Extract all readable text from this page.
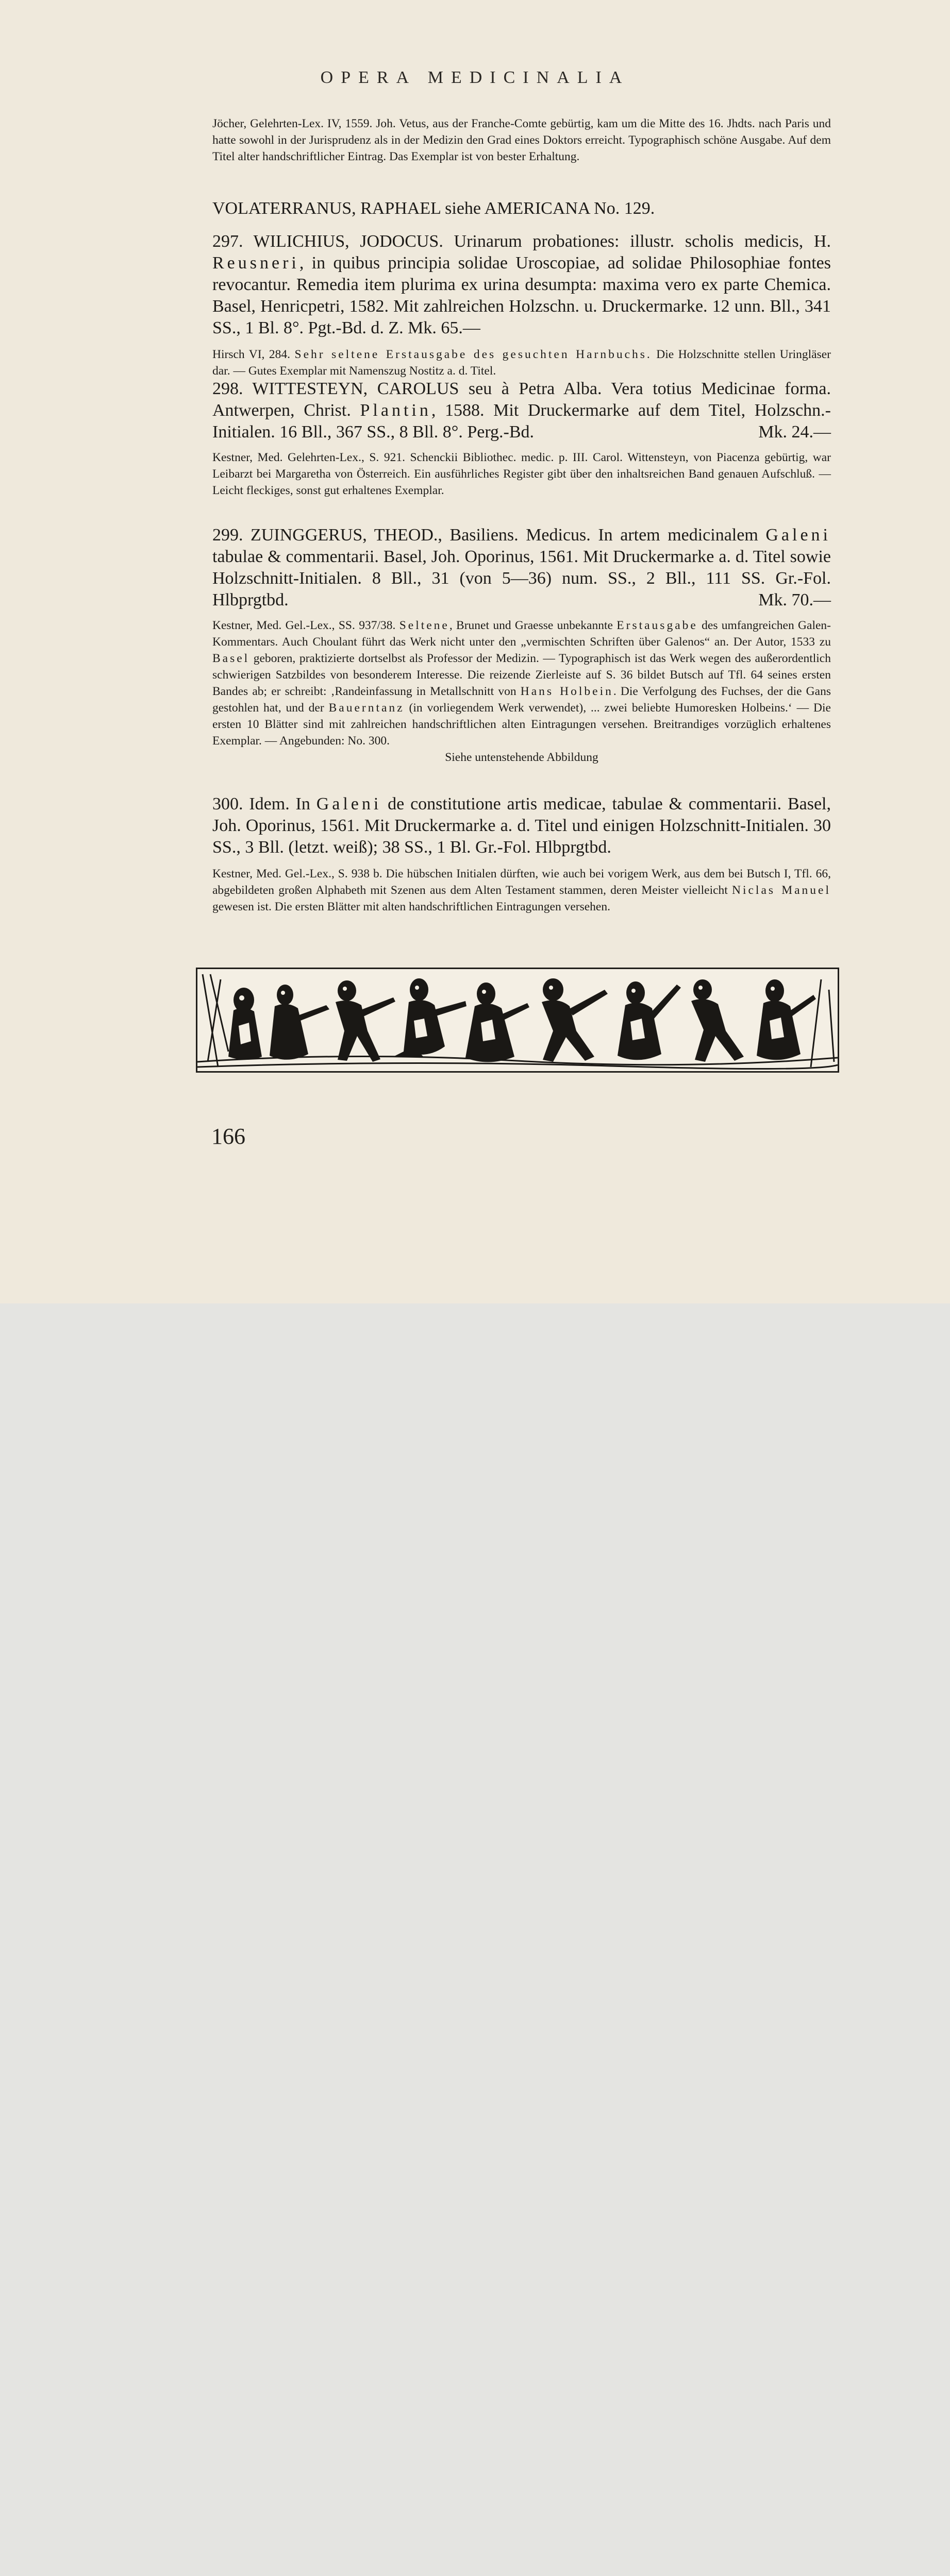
OPERA MEDICINALIA

Jöcher, Gelehrten-Lex. IV, 1559. Joh. Vetus, aus der Franche-Comte gebürtig, kam um die Mitte des 16. Jhdts. nach Paris und hatte sowohl in der Jurisprudenz als in der Medizin den Grad eines Doktors erreicht. Typographisch schöne Ausgabe. Auf dem Titel alter handschriftlicher Eintrag. Das Exemplar ist von bester Erhaltung.

VOLATERRANUS, RAPHAEL siehe AMERICANA No. 129.

297. WILICHIUS, JODOCUS. Urinarum probationes: illustr. scholis medicis, H. Reusneri, in quibus principia solidae Uroscopiae, ad solidae Philosophiae fontes revocantur. Remedia item plurima ex urina desumpta: maxima vero ex parte Chemica. Basel, Henricpetri, 1582. Mit zahlreichen Holzschn. u. Druckermarke. 12 unn. Bll., 341 SS., 1 Bl. 8°. Pgt.-Bd. d. Z. Mk. 65.—

Hirsch VI, 284. Sehr seltene Erstausgabe des gesuchten Harnbuchs. Die Holzschnitte stellen Uringläser dar. — Gutes Exemplar mit Namenszug Nostitz a. d. Titel.

298. WITTESTEYN, CAROLUS seu à Petra Alba. Vera totius Medicinae forma. Antwerpen, Christ. Plantin, 1588. Mit Druckermarke auf dem Titel, Holzschn.-Initialen. 16 Bll., 367 SS., 8 Bll. 8°. Perg.-Bd.	Mk. 24.—

Kestner, Med. Gelehrten-Lex., S. 921. Schenckii Bibliothec. medic. p. III. Carol. Wittensteyn, von Piacenza gebürtig, war Leibarzt bei Margaretha von Österreich. Ein ausführliches Register gibt über den inhaltsreichen Band genauen Aufschluß. — Leicht fleckiges, sonst gut erhaltenes Exemplar.

299. ZUINGGERUS, THEOD., Basiliens. Medicus. In artem medicinalem Galeni tabulae & commentarii. Basel, Joh. Oporinus, 1561. Mit Druckermarke a. d. Titel sowie Holzschnitt-Initialen. 8 Bll., 31 (von 5—36) num. SS., 2 Bll., 111 SS. Gr.-Fol. Hlbprgtbd.	Mk. 70.—

Kestner, Med. Gel.-Lex., SS. 937/38. Seltene, Brunet und Graesse unbekannte Erstausgabe des umfangreichen Galen-Kommentars. Auch Choulant führt das Werk nicht unter den „vermischten Schriften über Galenos“ an. Der Autor, 1533 zu Basel geboren, praktizierte dortselbst als Professor der Medizin. — Typographisch ist das Werk wegen des außerordentlich schwierigen Satzbildes von besonderem Interesse. Die reizende Zierleiste auf S. 36 bildet Butsch auf Tfl. 64 seines ersten Bandes ab; er schreibt: ‚Randeinfassung in Metallschnitt von Hans Holbein. Die Verfolgung des Fuchses, der die Gans gestohlen hat, und der Bauerntanz (in vorliegendem Werk verwendet), ... zwei beliebte Humoresken Holbeins.‘ — Die ersten 10 Blätter sind mit zahlreichen handschriftlichen alten Eintragungen versehen. Breitrandiges vorzüglich erhaltenes Exemplar. — Angebunden: No. 300.

Siehe untenstehende Abbildung

300. Idem. In Galeni de constitutione artis medicae, tabulae & commentarii. Basel, Joh. Oporinus, 1561. Mit Druckermarke a. d. Titel und einigen Holzschnitt-Initialen. 30 SS., 3 Bll. (letzt. weiß); 38 SS., 1 Bl. Gr.-Fol. Hlbprgtbd.

Kestner, Med. Gel.-Lex., S. 938 b. Die hübschen Initialen dürften, wie auch bei vorigem Werk, aus dem bei Butsch I, Tfl. 66, abgebildeten großen Alphabeth mit Szenen aus dem Alten Testament stammen, deren Meister vielleicht Niclas Manuel gewesen ist. Die ersten Blätter mit alten handschriftlichen Eintragungen versehen.

166
